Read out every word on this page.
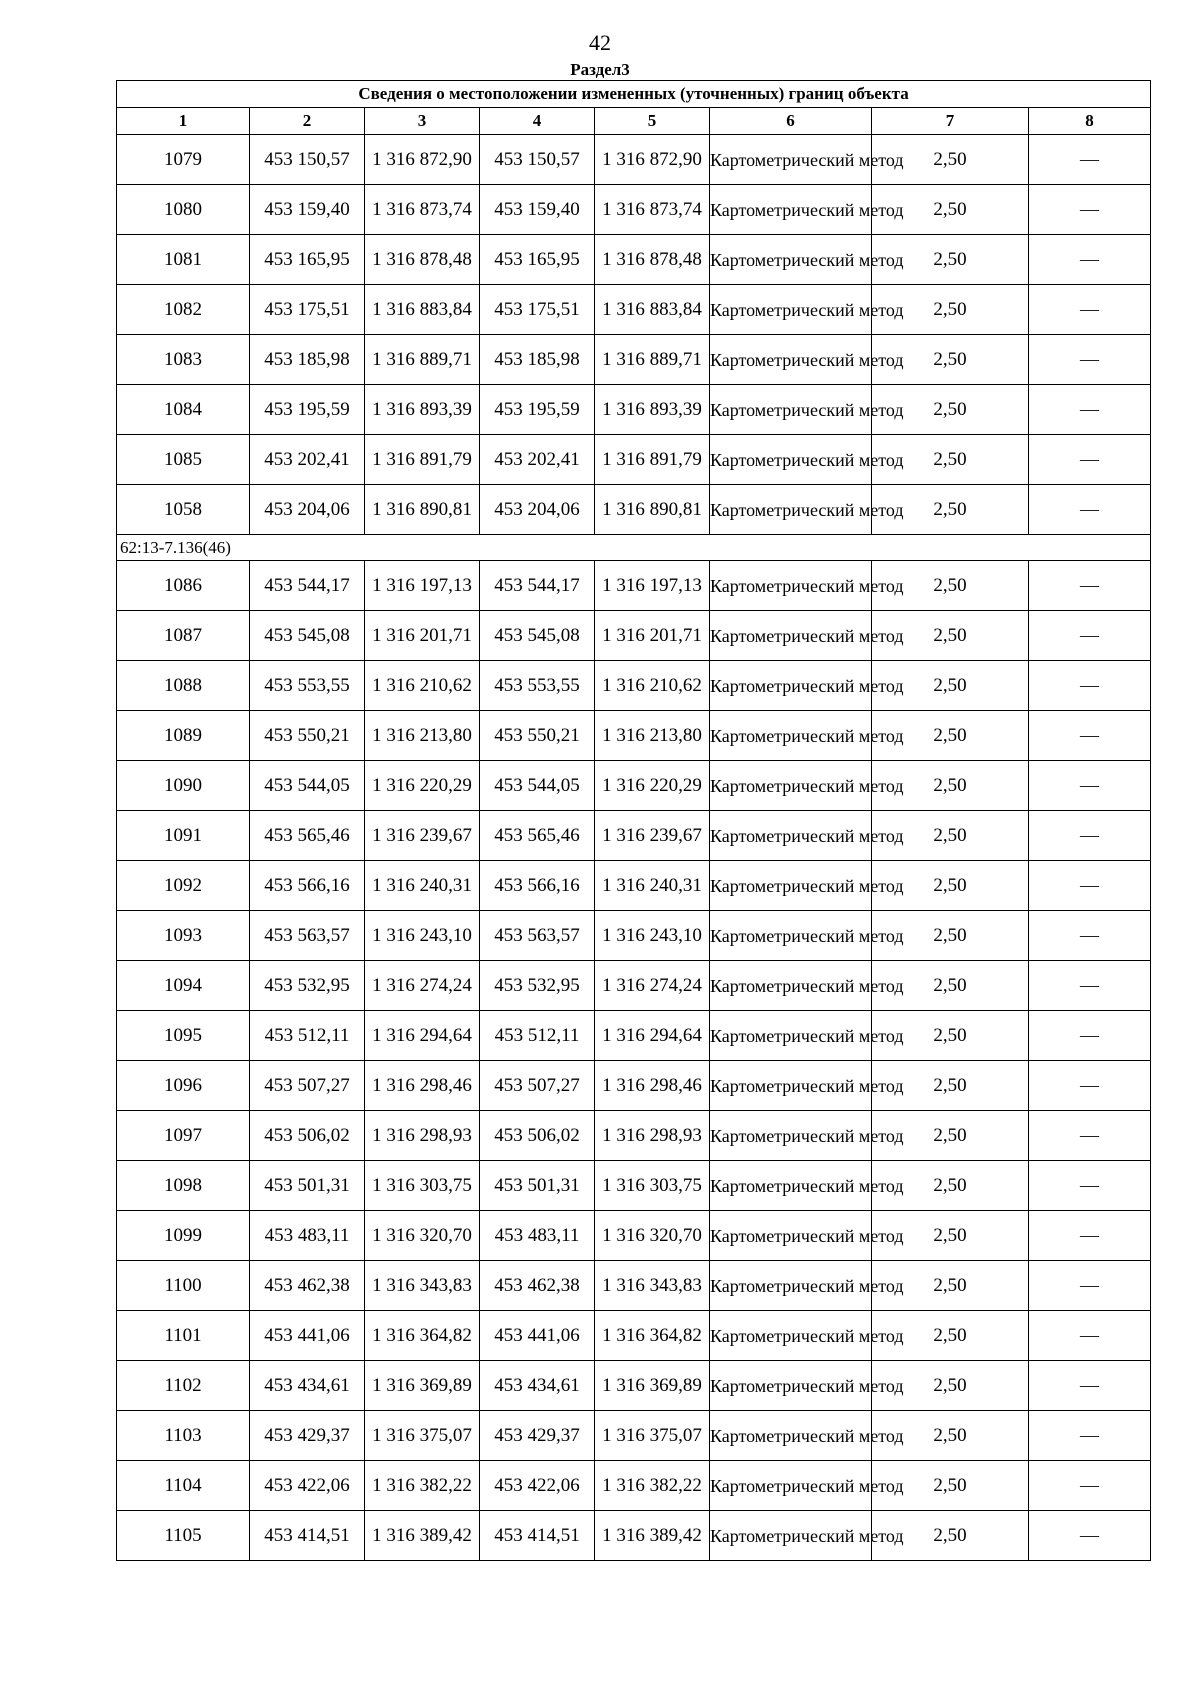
42
Раздел3
Сведения о местоположении измененных (уточненных) границ объекта							
1	2	3	4	5	6	7	8
1079	453 150,57	1 316 872,90	453 150,57	1 316 872,90	Картометрический метод	2,50	—
1080	453 159,40	1 316 873,74	453 159,40	1 316 873,74	Картометрический метод	2,50	—
1081	453 165,95	1 316 878,48	453 165,95	1 316 878,48	Картометрический метод	2,50	—
1082	453 175,51	1 316 883,84	453 175,51	1 316 883,84	Картометрический метод	2,50	—
1083	453 185,98	1 316 889,71	453 185,98	1 316 889,71	Картометрический метод	2,50	—
1084	453 195,59	1 316 893,39	453 195,59	1 316 893,39	Картометрический метод	2,50	—
1085	453 202,41	1 316 891,79	453 202,41	1 316 891,79	Картометрический метод	2,50	—
1058	453 204,06	1 316 890,81	453 204,06	1 316 890,81	Картометрический метод	2,50	—
62:13-7.136(46)							
1086	453 544,17	1 316 197,13	453 544,17	1 316 197,13	Картометрический метод	2,50	—
1087	453 545,08	1 316 201,71	453 545,08	1 316 201,71	Картометрический метод	2,50	—
1088	453 553,55	1 316 210,62	453 553,55	1 316 210,62	Картометрический метод	2,50	—
1089	453 550,21	1 316 213,80	453 550,21	1 316 213,80	Картометрический метод	2,50	—
1090	453 544,05	1 316 220,29	453 544,05	1 316 220,29	Картометрический метод	2,50	—
1091	453 565,46	1 316 239,67	453 565,46	1 316 239,67	Картометрический метод	2,50	—
1092	453 566,16	1 316 240,31	453 566,16	1 316 240,31	Картометрический метод	2,50	—
1093	453 563,57	1 316 243,10	453 563,57	1 316 243,10	Картометрический метод	2,50	—
1094	453 532,95	1 316 274,24	453 532,95	1 316 274,24	Картометрический метод	2,50	—
1095	453 512,11	1 316 294,64	453 512,11	1 316 294,64	Картометрический метод	2,50	—
1096	453 507,27	1 316 298,46	453 507,27	1 316 298,46	Картометрический метод	2,50	—
1097	453 506,02	1 316 298,93	453 506,02	1 316 298,93	Картометрический метод	2,50	—
1098	453 501,31	1 316 303,75	453 501,31	1 316 303,75	Картометрический метод	2,50	—
1099	453 483,11	1 316 320,70	453 483,11	1 316 320,70	Картометрический метод	2,50	—
1100	453 462,38	1 316 343,83	453 462,38	1 316 343,83	Картометрический метод	2,50	—
1101	453 441,06	1 316 364,82	453 441,06	1 316 364,82	Картометрический метод	2,50	—
1102	453 434,61	1 316 369,89	453 434,61	1 316 369,89	Картометрический метод	2,50	—
1103	453 429,37	1 316 375,07	453 429,37	1 316 375,07	Картометрический метод	2,50	—
1104	453 422,06	1 316 382,22	453 422,06	1 316 382,22	Картометрический метод	2,50	—
1105	453 414,51	1 316 389,42	453 414,51	1 316 389,42	Картометрический метод	2,50	—
